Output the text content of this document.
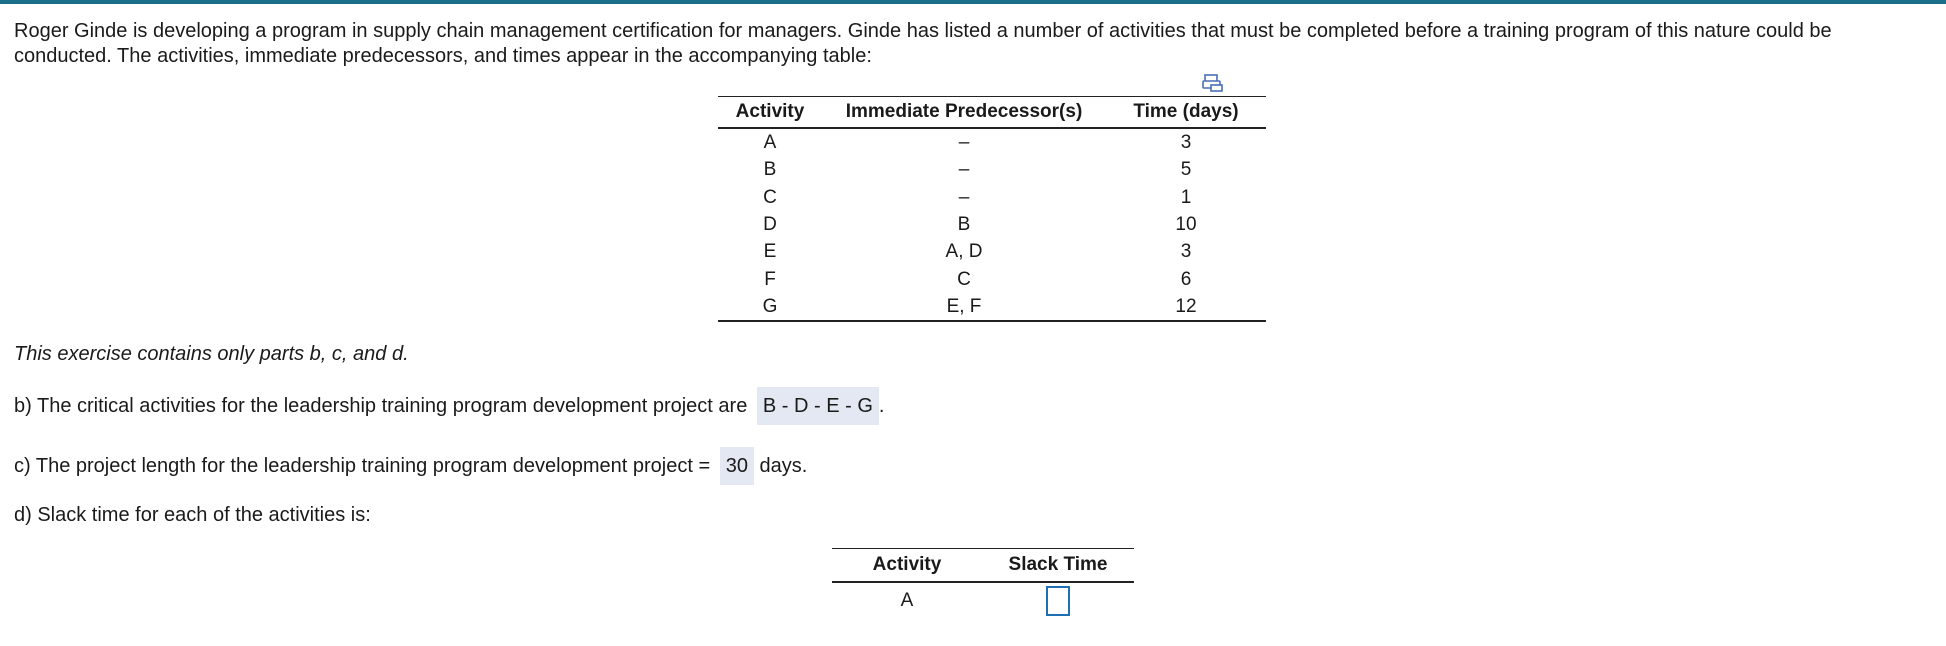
Roger Ginde is developing a program in supply chain management certification for managers. Ginde has listed a number of activities that must be completed before a training program of this nature could be conducted. The activities, immediate predecessors, and times appear in the accompanying table:

Activity	Immediate Predecessor(s)	Time (days)
A	–	3
B	–	5
C	–	1
D	B	10
E	A, D	3
F	C	6
G	E, F	12

This exercise contains only parts b, c, and d.

b) The critical activities for the leadership training program development project are B - D - E - G .

c) The project length for the leadership training program development project = 30 days.

d) Slack time for each of the activities is:

Activity	Slack Time
A	
